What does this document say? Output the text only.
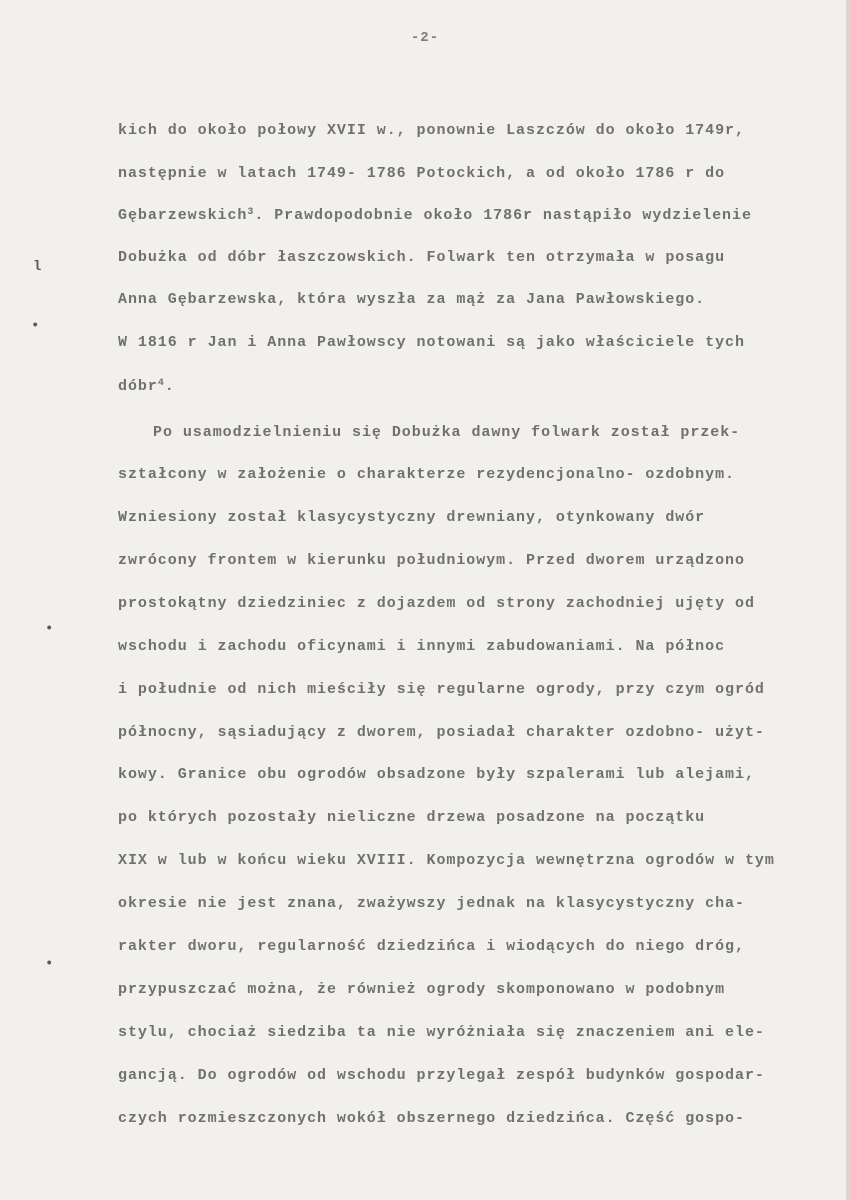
-2-
l
•
•
•
kich do około połowy XVII w., ponownie Laszczów do około 1749r,
następnie w latach 1749- 1786 Potockich, a od około 1786 r do
Gębarzewskich$^3$. Prawdopodobnie około 1786r nastąpiło wydzielenie
Dobużka od dóbr łaszczowskich. Folwark ten otrzymała w posagu
Anna Gębarzewska, która wyszła za mąż za Jana Pawłowskiego.
W 1816 r Jan i Anna Pawłowscy notowani są jako właściciele tych
dóbr$^4$.
Po usamodzielnieniu się Dobużka dawny folwark został przek-
ształcony w założenie o charakterze rezydencjonalno- ozdobnym.
Wzniesiony został klasycystyczny drewniany, otynkowany dwór
zwrócony frontem w kierunku południowym. Przed dworem urządzono
prostokątny dziedziniec z dojazdem od strony zachodniej ujęty od
wschodu i zachodu oficynami i innymi zabudowaniami. Na północ
i południe od nich mieściły się regularne ogrody, przy czym ogród
północny, sąsiadujący z dworem, posiadał charakter ozdobno- użyt-
kowy. Granice obu ogrodów obsadzone były szpalerami lub alejami,
po których pozostały nieliczne drzewa posadzone na początku
XIX w lub w końcu wieku XVIII. Kompozycja wewnętrzna ogrodów w tym
okresie nie jest znana, zważywszy jednak na klasycystyczny cha-
rakter dworu, regularność dziedzińca i wiodących do niego dróg,
przypuszczać można, że również ogrody skomponowano w podobnym
stylu, chociaż siedziba ta nie wyróżniała się znaczeniem ani ele-
gancją. Do ogrodów od wschodu przylegał zespół budynków gospodar-
czych rozmieszczonych wokół obszernego dziedzińca. Część gospo-
